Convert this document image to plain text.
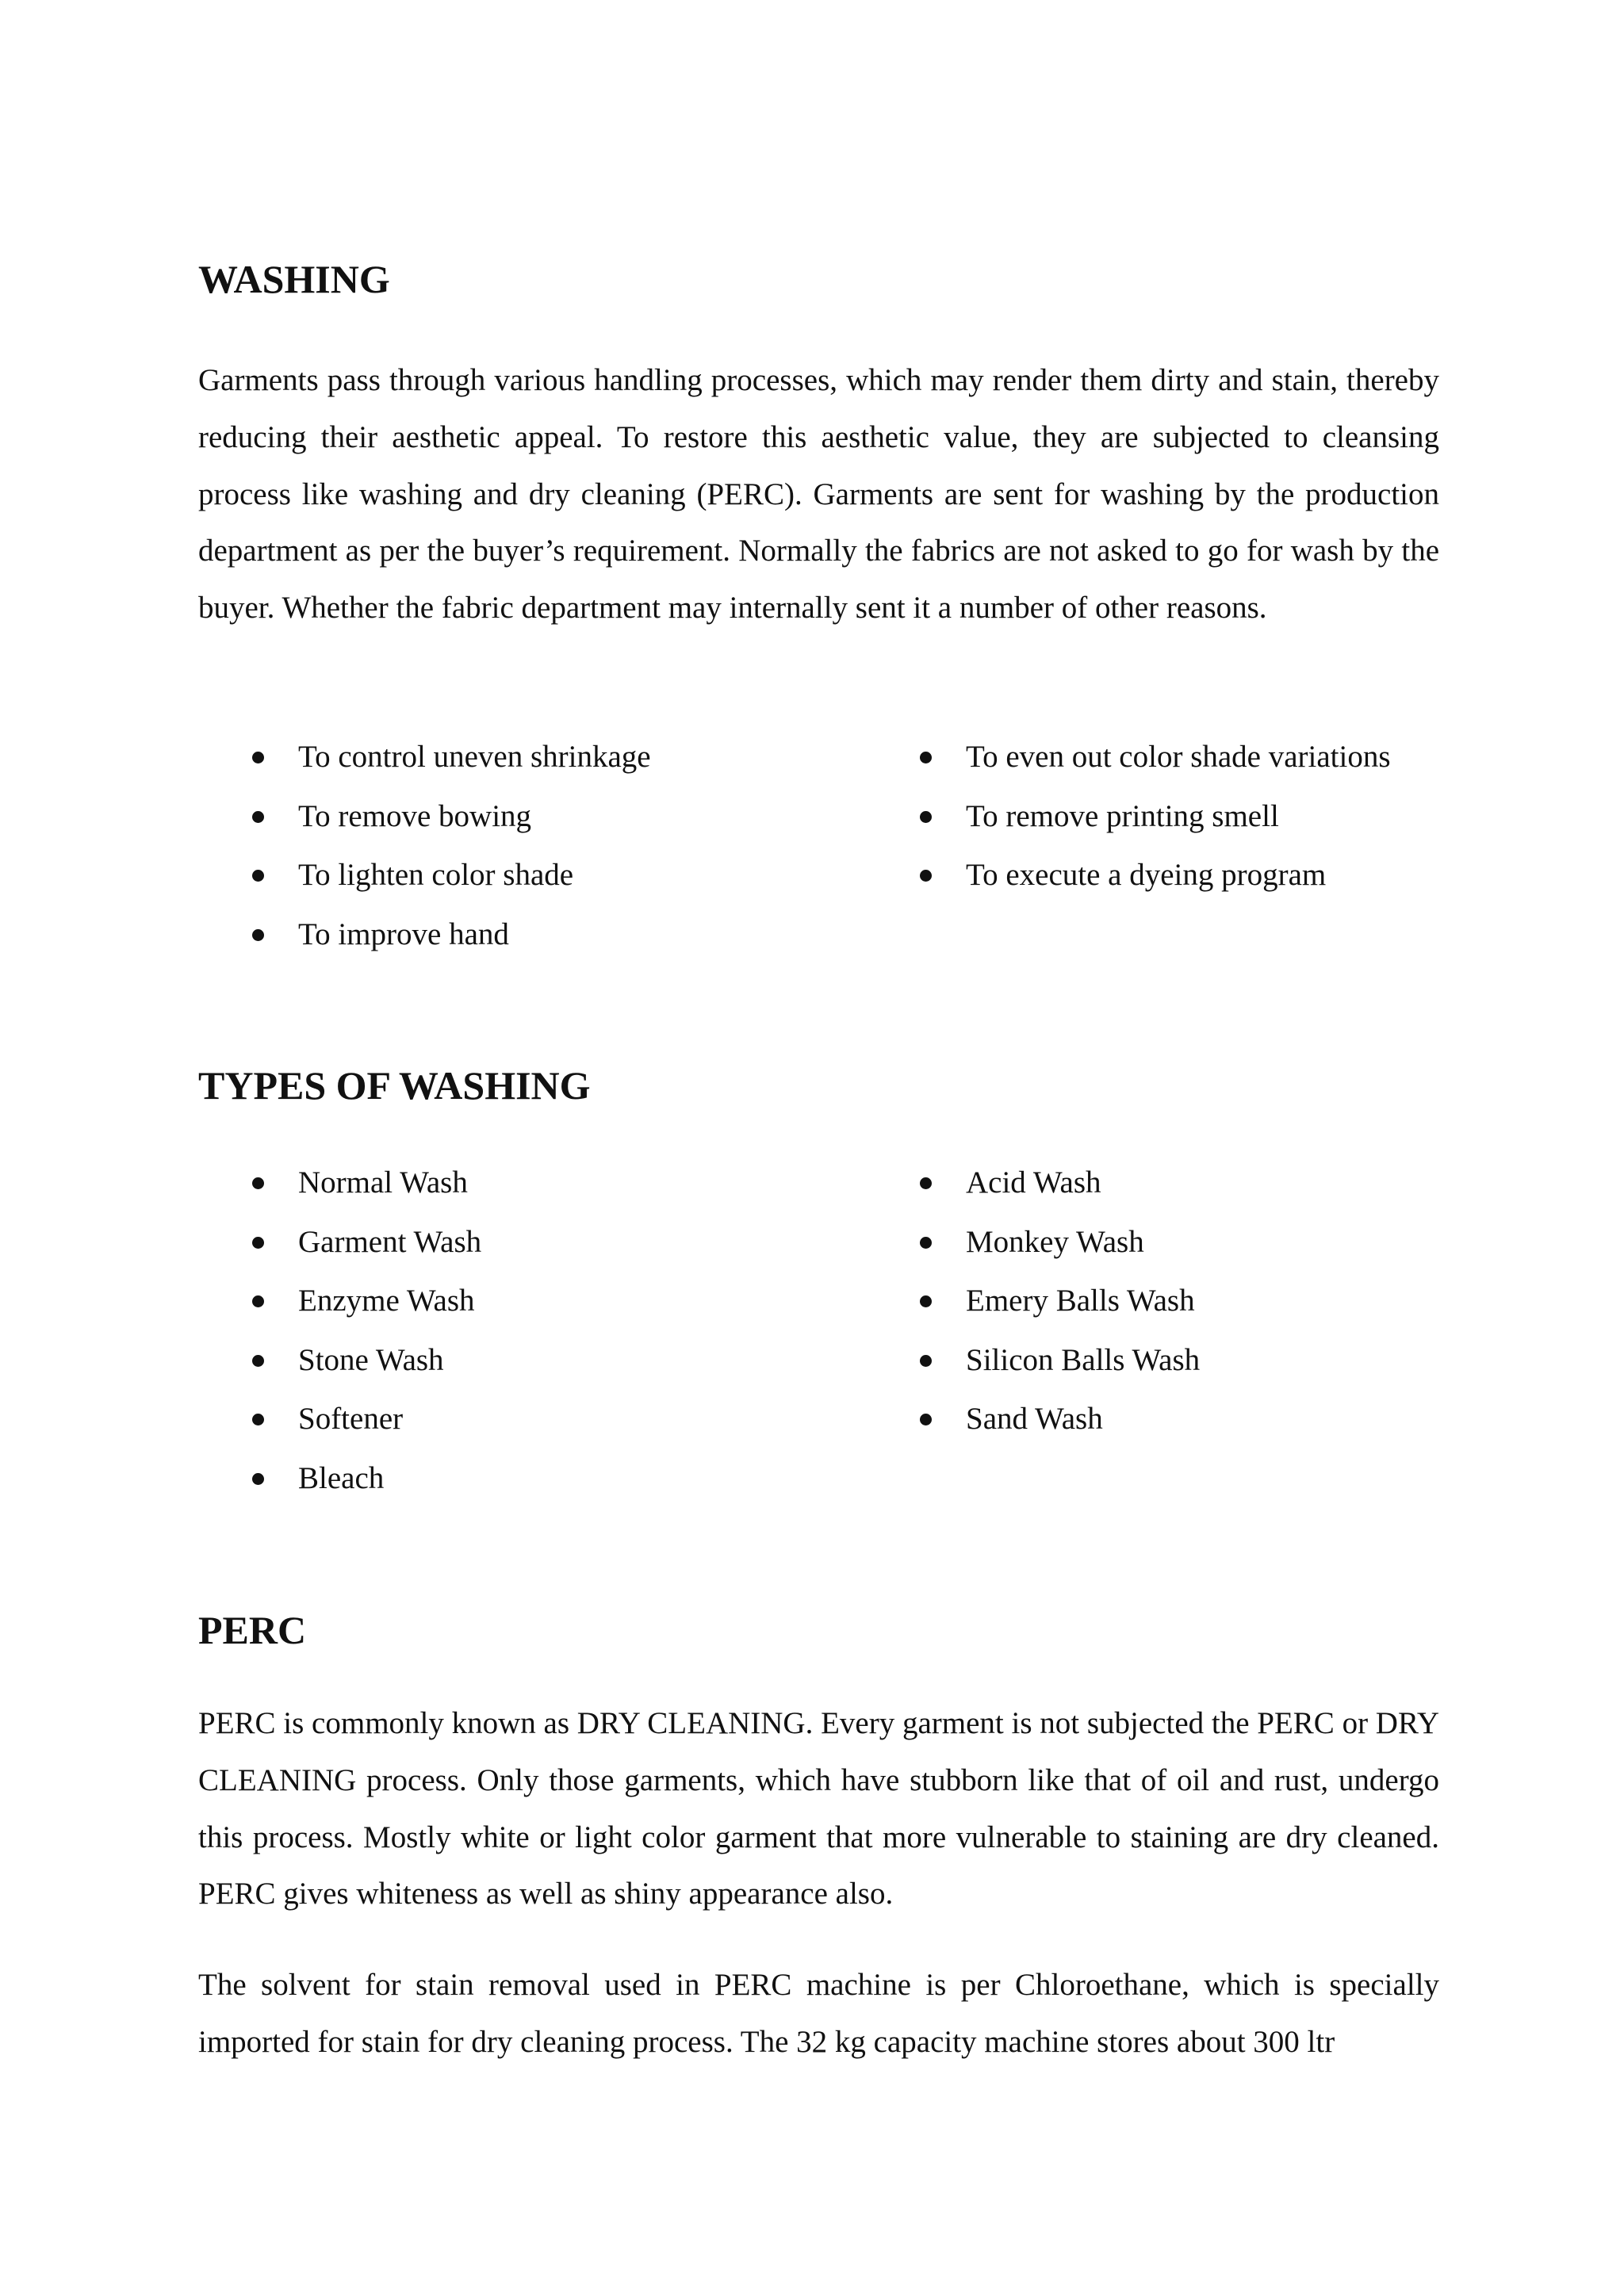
WASHING

Garments pass through various handling processes, which may render them dirty and stain, thereby reducing their aesthetic appeal. To restore this aesthetic value, they are subjected to cleansing process like washing and dry cleaning (PERC). Garments are sent for washing by the production department as per the buyer’s requirement. Normally the fabrics are not asked to go for wash by the buyer. Whether the fabric department may internally sent it a number of other reasons.

To control uneven shrinkage
To remove bowing
To lighten color shade
To improve hand
To even out color shade variations
To remove printing smell
To execute a dyeing program
TYPES OF WASHING
Normal Wash
Garment Wash
Enzyme Wash
Stone Wash
Softener
Bleach
Acid Wash
Monkey Wash
Emery Balls Wash
Silicon Balls Wash
Sand Wash
PERC

PERC is commonly known as DRY CLEANING. Every garment is not subjected the PERC or DRY CLEANING process. Only those garments, which have stubborn like that of oil and rust, undergo this process. Mostly white or light color garment that more vulnerable to staining are dry cleaned. PERC gives whiteness as well as shiny appearance also.

The solvent for stain removal used in PERC machine is per Chloroethane, which is specially imported for stain for dry cleaning process. The 32 kg capacity machine stores about 300 ltr
